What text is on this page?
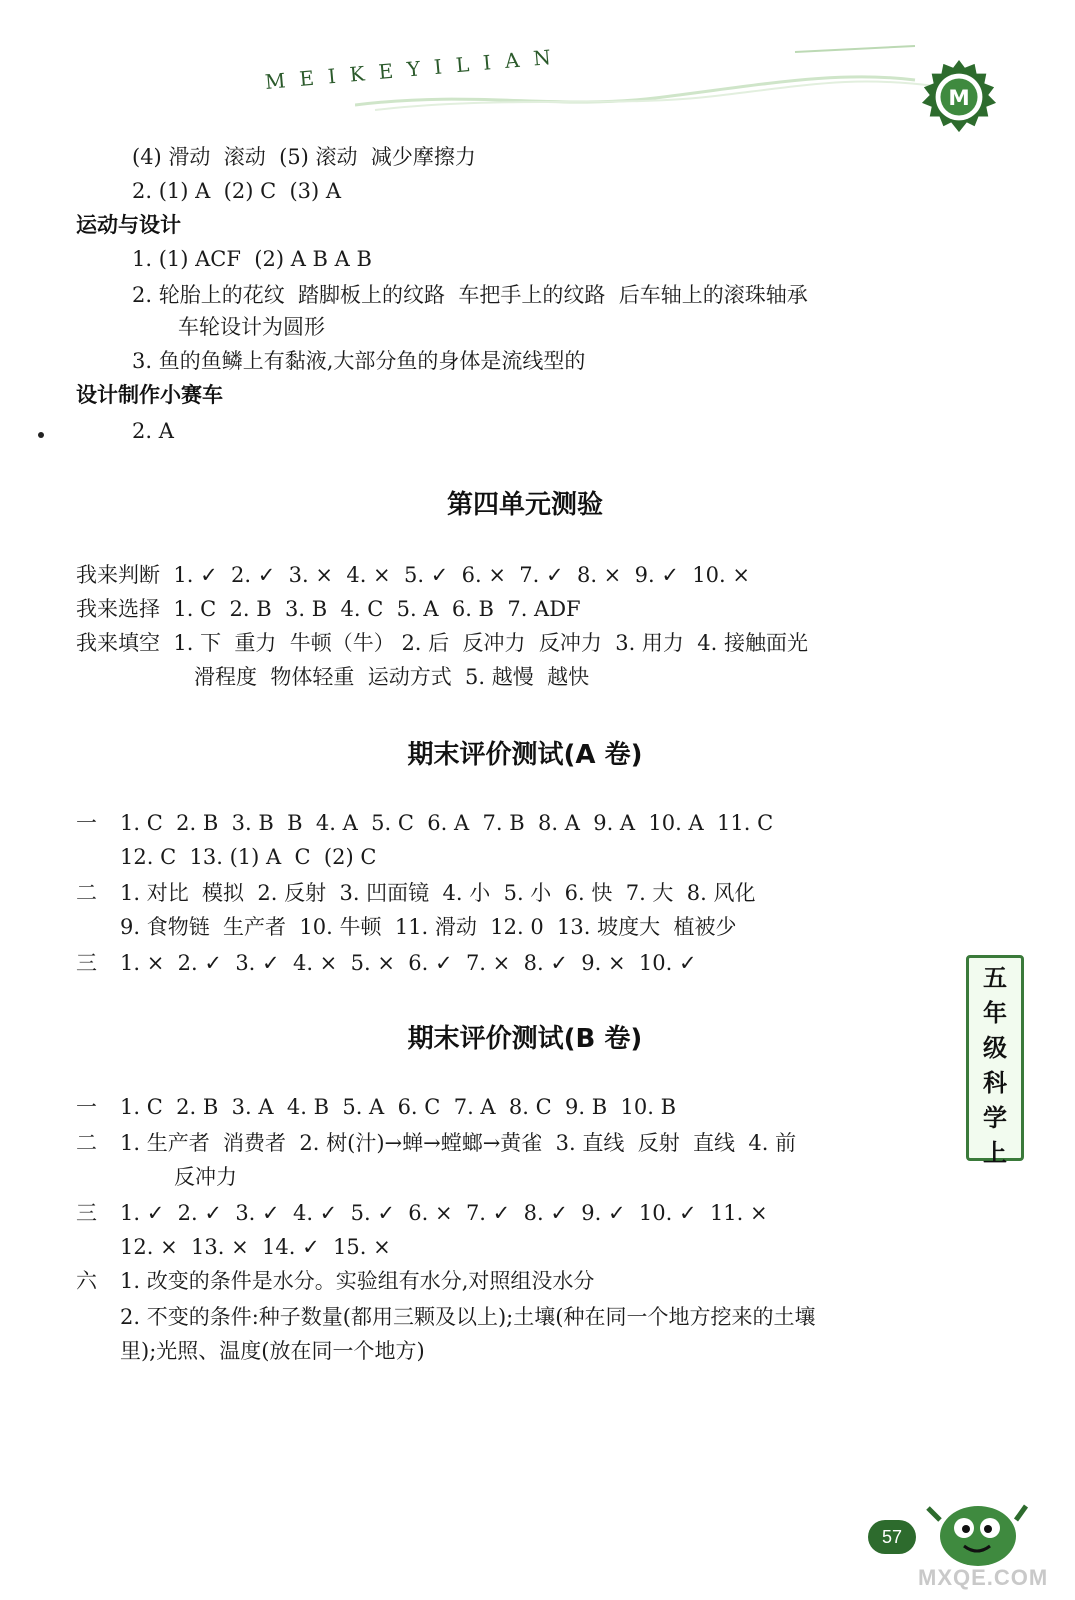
MEIKEYILIAN
M
(4) 滑动  滚动  (5) 滚动  减少摩擦力
2. (1) A  (2) C  (3) A
运动与设计
1. (1) ACF  (2) A B A B
2. 轮胎上的花纹  踏脚板上的纹路  车把手上的纹路  后车轴上的滚珠轴承
车轮设计为圆形
3. 鱼的鱼鳞上有黏液,大部分鱼的身体是流线型的
设计制作小赛车
2. A
第四单元测验
我来判断 1. ✓  2. ✓  3. ×  4. ×  5. ✓  6. ×  7. ✓  8. ×  9. ✓  10. ×
我来选择 1. C  2. B  3. B  4. C  5. A  6. B  7. ADF
我来填空 1. 下  重力  牛顿（牛） 2. 后  反冲力  反冲力  3. 用力  4. 接触面光
滑程度  物体轻重  运动方式  5. 越慢  越快
期末评价测试(A 卷)
一 1. C  2. B  3. B  B  4. A  5. C  6. A  7. B  8. A  9. A  10. A  11. C
12. C  13. (1) A  C  (2) C
二 1. 对比  模拟  2. 反射  3. 凹面镜  4. 小  5. 小  6. 快  7. 大  8. 风化
9. 食物链  生产者  10. 牛顿  11. 滑动  12. 0  13. 坡度大  植被少
三 1. ×  2. ✓  3. ✓  4. ×  5. ×  6. ✓  7. ×  8. ✓  9. ×  10. ✓
期末评价测试(B 卷)
一 1. C  2. B  3. A  4. B  5. A  6. C  7. A  8. C  9. B  10. B
二 1. 生产者  消费者  2. 树(汁)→蝉→螳螂→黄雀  3. 直线  反射  直线  4. 前
反冲力
三 1. ✓  2. ✓  3. ✓  4. ✓  5. ✓  6. ×  7. ✓  8. ✓  9. ✓  10. ✓  11. ×
12. ×  13. ×  14. ✓  15. ×
六 1. 改变的条件是水分。实验组有水分,对照组没水分
2. 不变的条件:种子数量(都用三颗及以上);土壤(种在同一个地方挖来的土壤
里);光照、温度(放在同一个地方)
五
年
级
科
学
上
57
MXQE.COM
